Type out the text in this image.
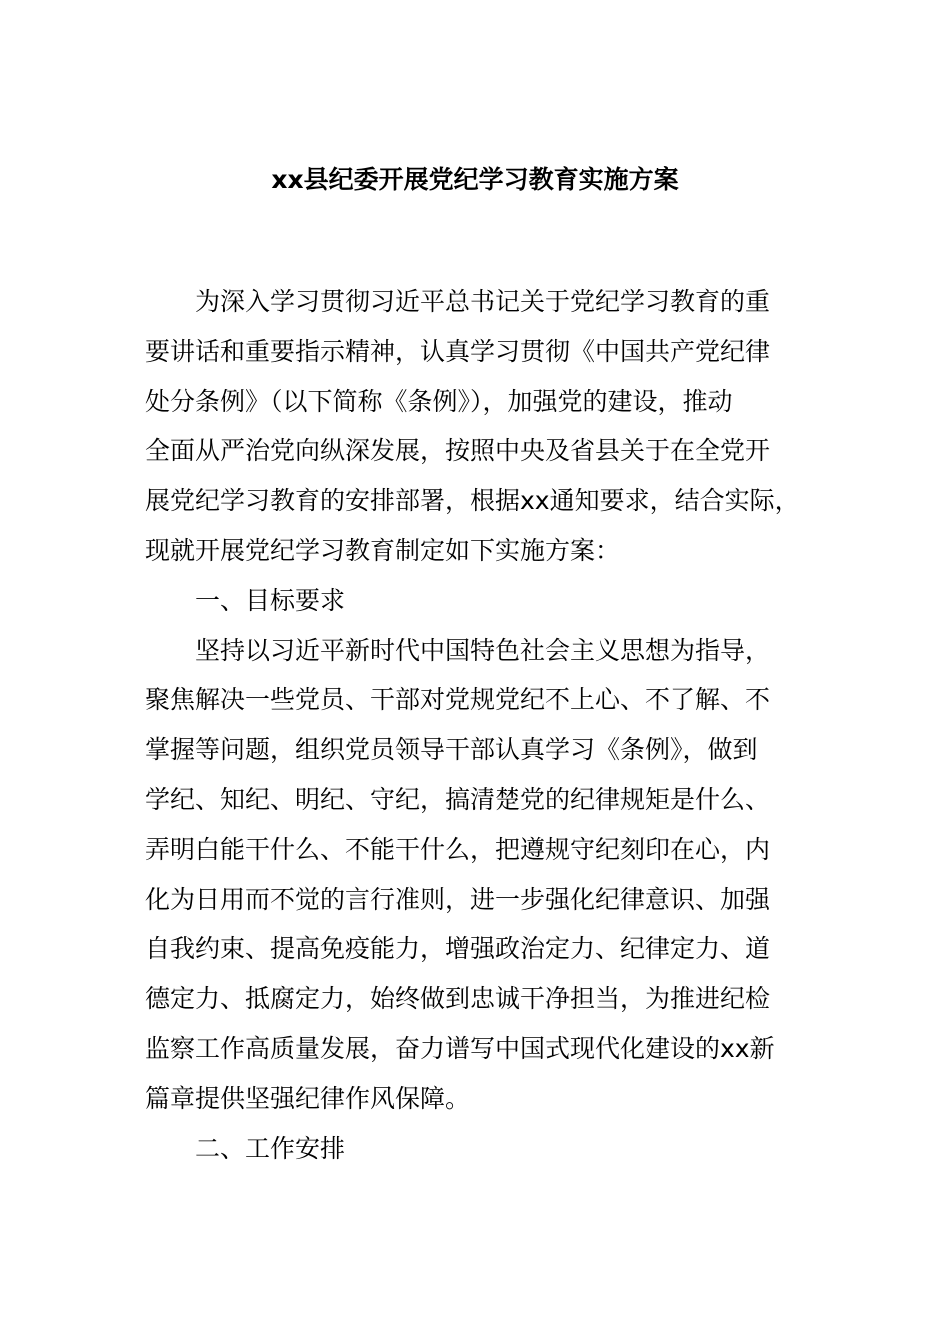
xx县纪委开展党纪学习教育实施方案
为深入学习贯彻习近平总书记关于党纪学习教育的重
要讲话和重要指示精神，认真学习贯彻《中国共产党纪律
处分条例》（以下简称《条例》），加强党的建设，推动
全面从严治党向纵深发展，按照中央及省县关于在全党开
展党纪学习教育的安排部署，根据xx通知要求，结合实际，
现就开展党纪学习教育制定如下实施方案：
一、目标要求
坚持以习近平新时代中国特色社会主义思想为指导，
聚焦解决一些党员、干部对党规党纪不上心、不了解、不
掌握等问题，组织党员领导干部认真学习《条例》，做到
学纪、知纪、明纪、守纪，搞清楚党的纪律规矩是什么、
弄明白能干什么、不能干什么，把遵规守纪刻印在心，内
化为日用而不觉的言行准则，进一步强化纪律意识、加强
自我约束、提高免疫能力，增强政治定力、纪律定力、道
德定力、抵腐定力，始终做到忠诚干净担当，为推进纪检
监察工作高质量发展，奋力谱写中国式现代化建设的xx新
篇章提供坚强纪律作风保障。
二、工作安排
